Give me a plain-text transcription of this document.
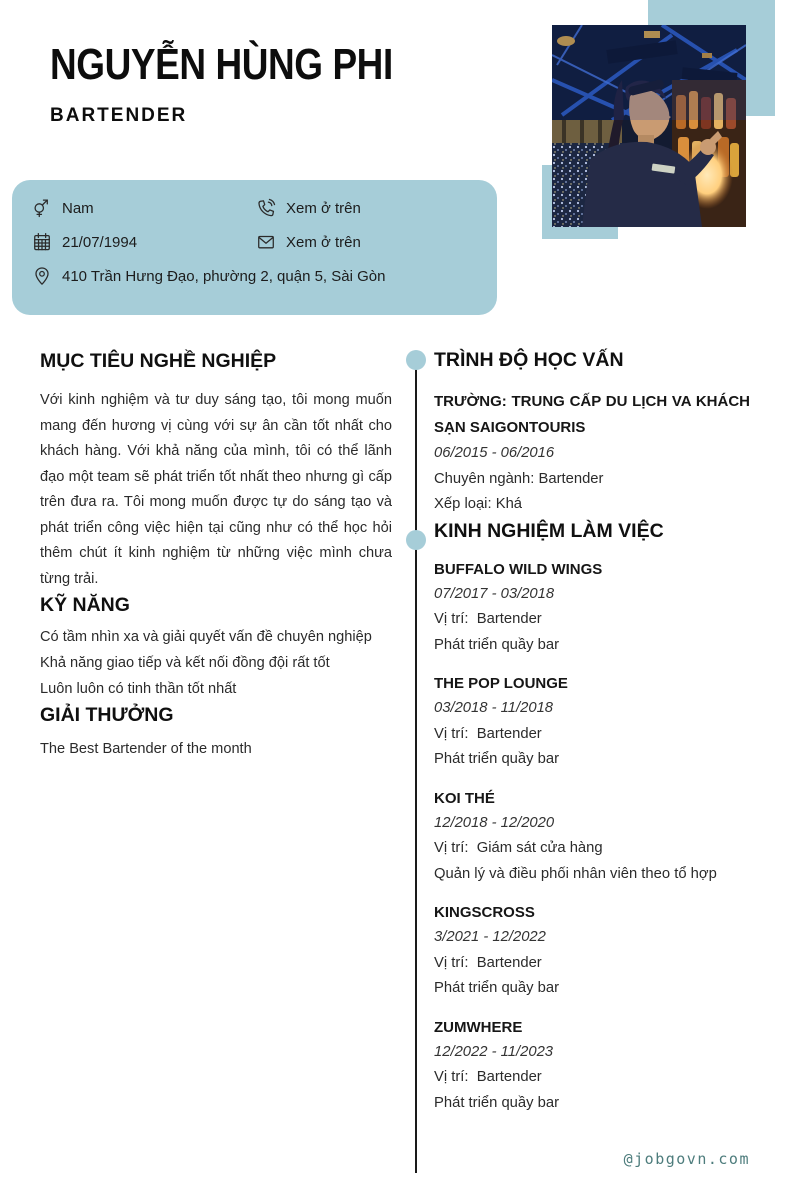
NGUYỄN HÙNG PHI
BARTENDER
Nam	Xem ở trên
21/07/1994	Xem ở trên
410 Trần Hưng Đạo, phường 2, quận 5, Sài Gòn
MỤC TIÊU NGHỀ NGHIỆP
Với kinh nghiệm và tư duy sáng tạo, tôi mong muốn mang đến hương vị cùng với sự ân cần tốt nhất cho khách hàng. Với khả năng của mình, tôi có thể lãnh đạo một team sẽ phát triển tốt nhất theo nhưng gì cấp trên đưa ra. Tôi mong muốn được tự do sáng tạo và phát triển công việc hiện tại cũng như có thể học hỏi thêm chút ít kinh nghiệm từ những việc mình chưa từng trải.
KỸ NĂNG
Có tầm nhìn xa và giải quyết vấn đề chuyên nghiệp
Khả năng giao tiếp và kết nối đồng đội rất tốt
Luôn luôn có tinh thần tốt nhất
GIẢI THƯỞNG
The Best Bartender of the month
TRÌNH ĐỘ HỌC VẤN
TRƯỜNG: TRUNG CẤP DU LỊCH VA KHÁCH SẠN SAIGONTOURIS
06/2015 - 06/2016
Chuyên ngành: Bartender
Xếp loại: Khá
KINH NGHIỆM LÀM VIỆC
BUFFALO WILD WINGS
07/2017 - 03/2018
Vị trí:  Bartender
Phát triển quầy bar
THE POP LOUNGE
03/2018 - 11/2018
Vị trí:  Bartender
Phát triển quầy bar
KOI THÉ
12/2018 - 12/2020
Vị trí:  Giám sát cửa hàng
Quản lý và điều phối nhân viên theo tổ hợp
KINGSCROSS
3/2021 - 12/2022
Vị trí:  Bartender
Phát triển quầy bar
ZUMWHERE
12/2022 - 11/2023
Vị trí:  Bartender
Phát triển quầy bar
@jobgovn.com
